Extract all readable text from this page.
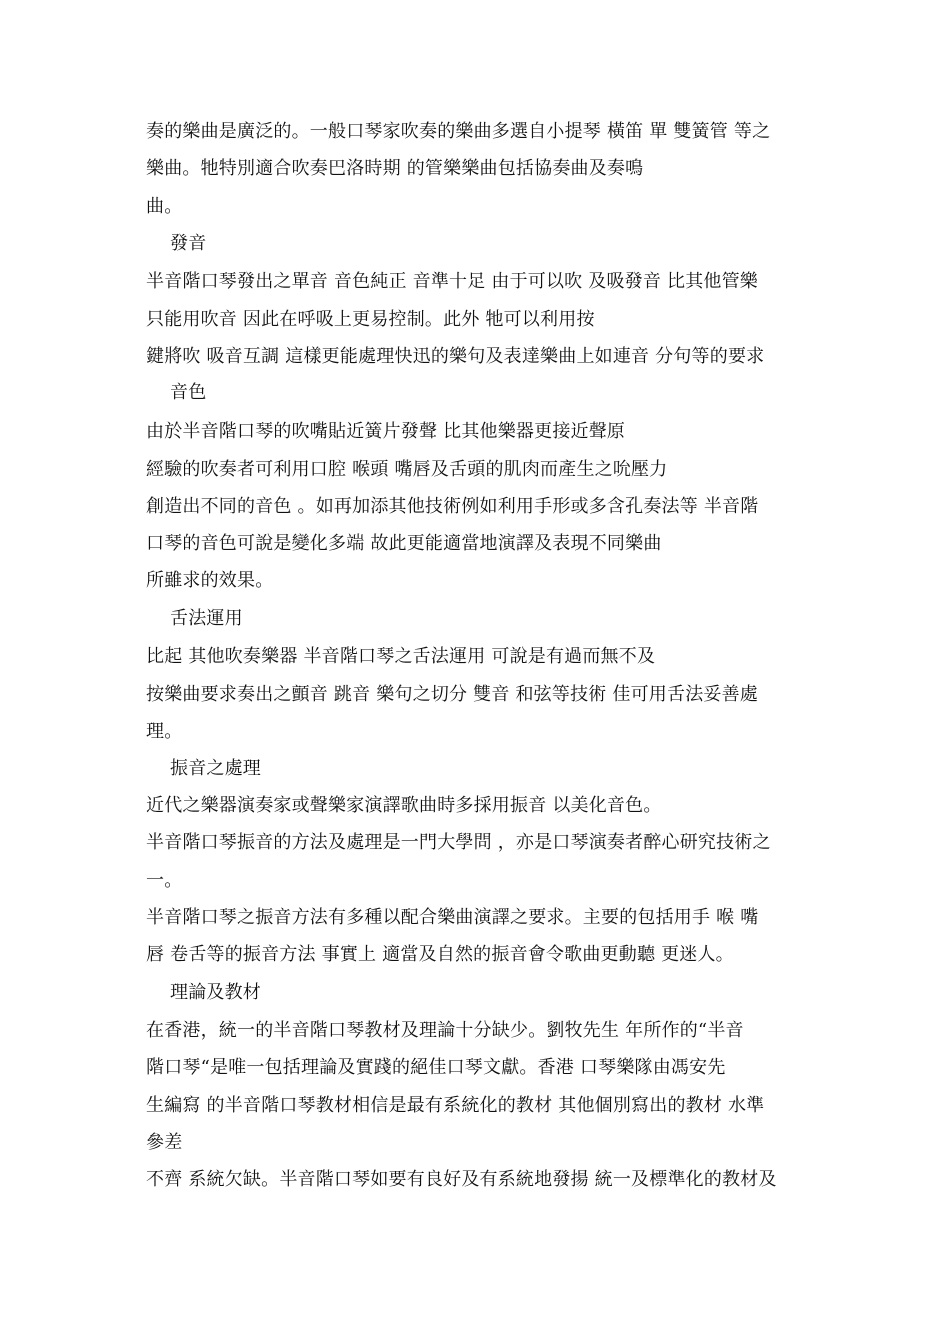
奏的樂曲是廣泛的。一般口琴家吹奏的樂曲多選自小提琴 橫笛 單 雙簧管 等之
樂曲。牠特別適合吹奏巴洛時期 的管樂樂曲包括協奏曲及奏鳴
曲。
發音
半音階口琴發出之單音 音色純正 音準十足 由于可以吹 及吸發音 比其他管樂
只能用吹音 因此在呼吸上更易控制。此外 牠可以利用按
鍵將吹 吸音互調 這樣更能處理快迅的樂句及表達樂曲上如連音 分句等的要求
音色
由於半音階口琴的吹嘴貼近簧片發聲 比其他樂器更接近聲原
經驗的吹奏者可利用口腔 喉頭 嘴唇及舌頭的肌肉而產生之吮壓力
創造出不同的音色 。如再加添其他技術例如利用手形或多含孔奏法等 半音階
口琴的音色可說是變化多端 故此更能適當地演譯及表現不同樂曲
所雖求的效果。
舌法運用
比起 其他吹奏樂器 半音階口琴之舌法運用 可說是有過而無不及
按樂曲要求奏出之顫音 跳音 樂句之切分 雙音 和弦等技術 佳可用舌法妥善處
理。
振音之處理
近代之樂器演奏家或聲樂家演譯歌曲時多採用振音 以美化音色。
半音階口琴振音的方法及處理是一門大學問 ，亦是口琴演奏者醉心研究技術之
一。
半音階口琴之振音方法有多種以配合樂曲演譯之要求。主要的包括用手 喉 嘴
唇 卷舌等的振音方法 事實上 適當及自然的振音會令歌曲更動聽 更迷人。
理論及教材
在香港，統一的半音階口琴教材及理論十分缺少。劉牧先生 年所作的“半音
階口琴“是唯一包括理論及實踐的絕佳口琴文獻。香港 口琴樂隊由馮安先
生編寫 的半音階口琴教材相信是最有系統化的教材 其他個別寫出的教材 水準
參差
不齊 系統欠缺。半音階口琴如要有良好及有系統地發揚 統一及標準化的教材及
